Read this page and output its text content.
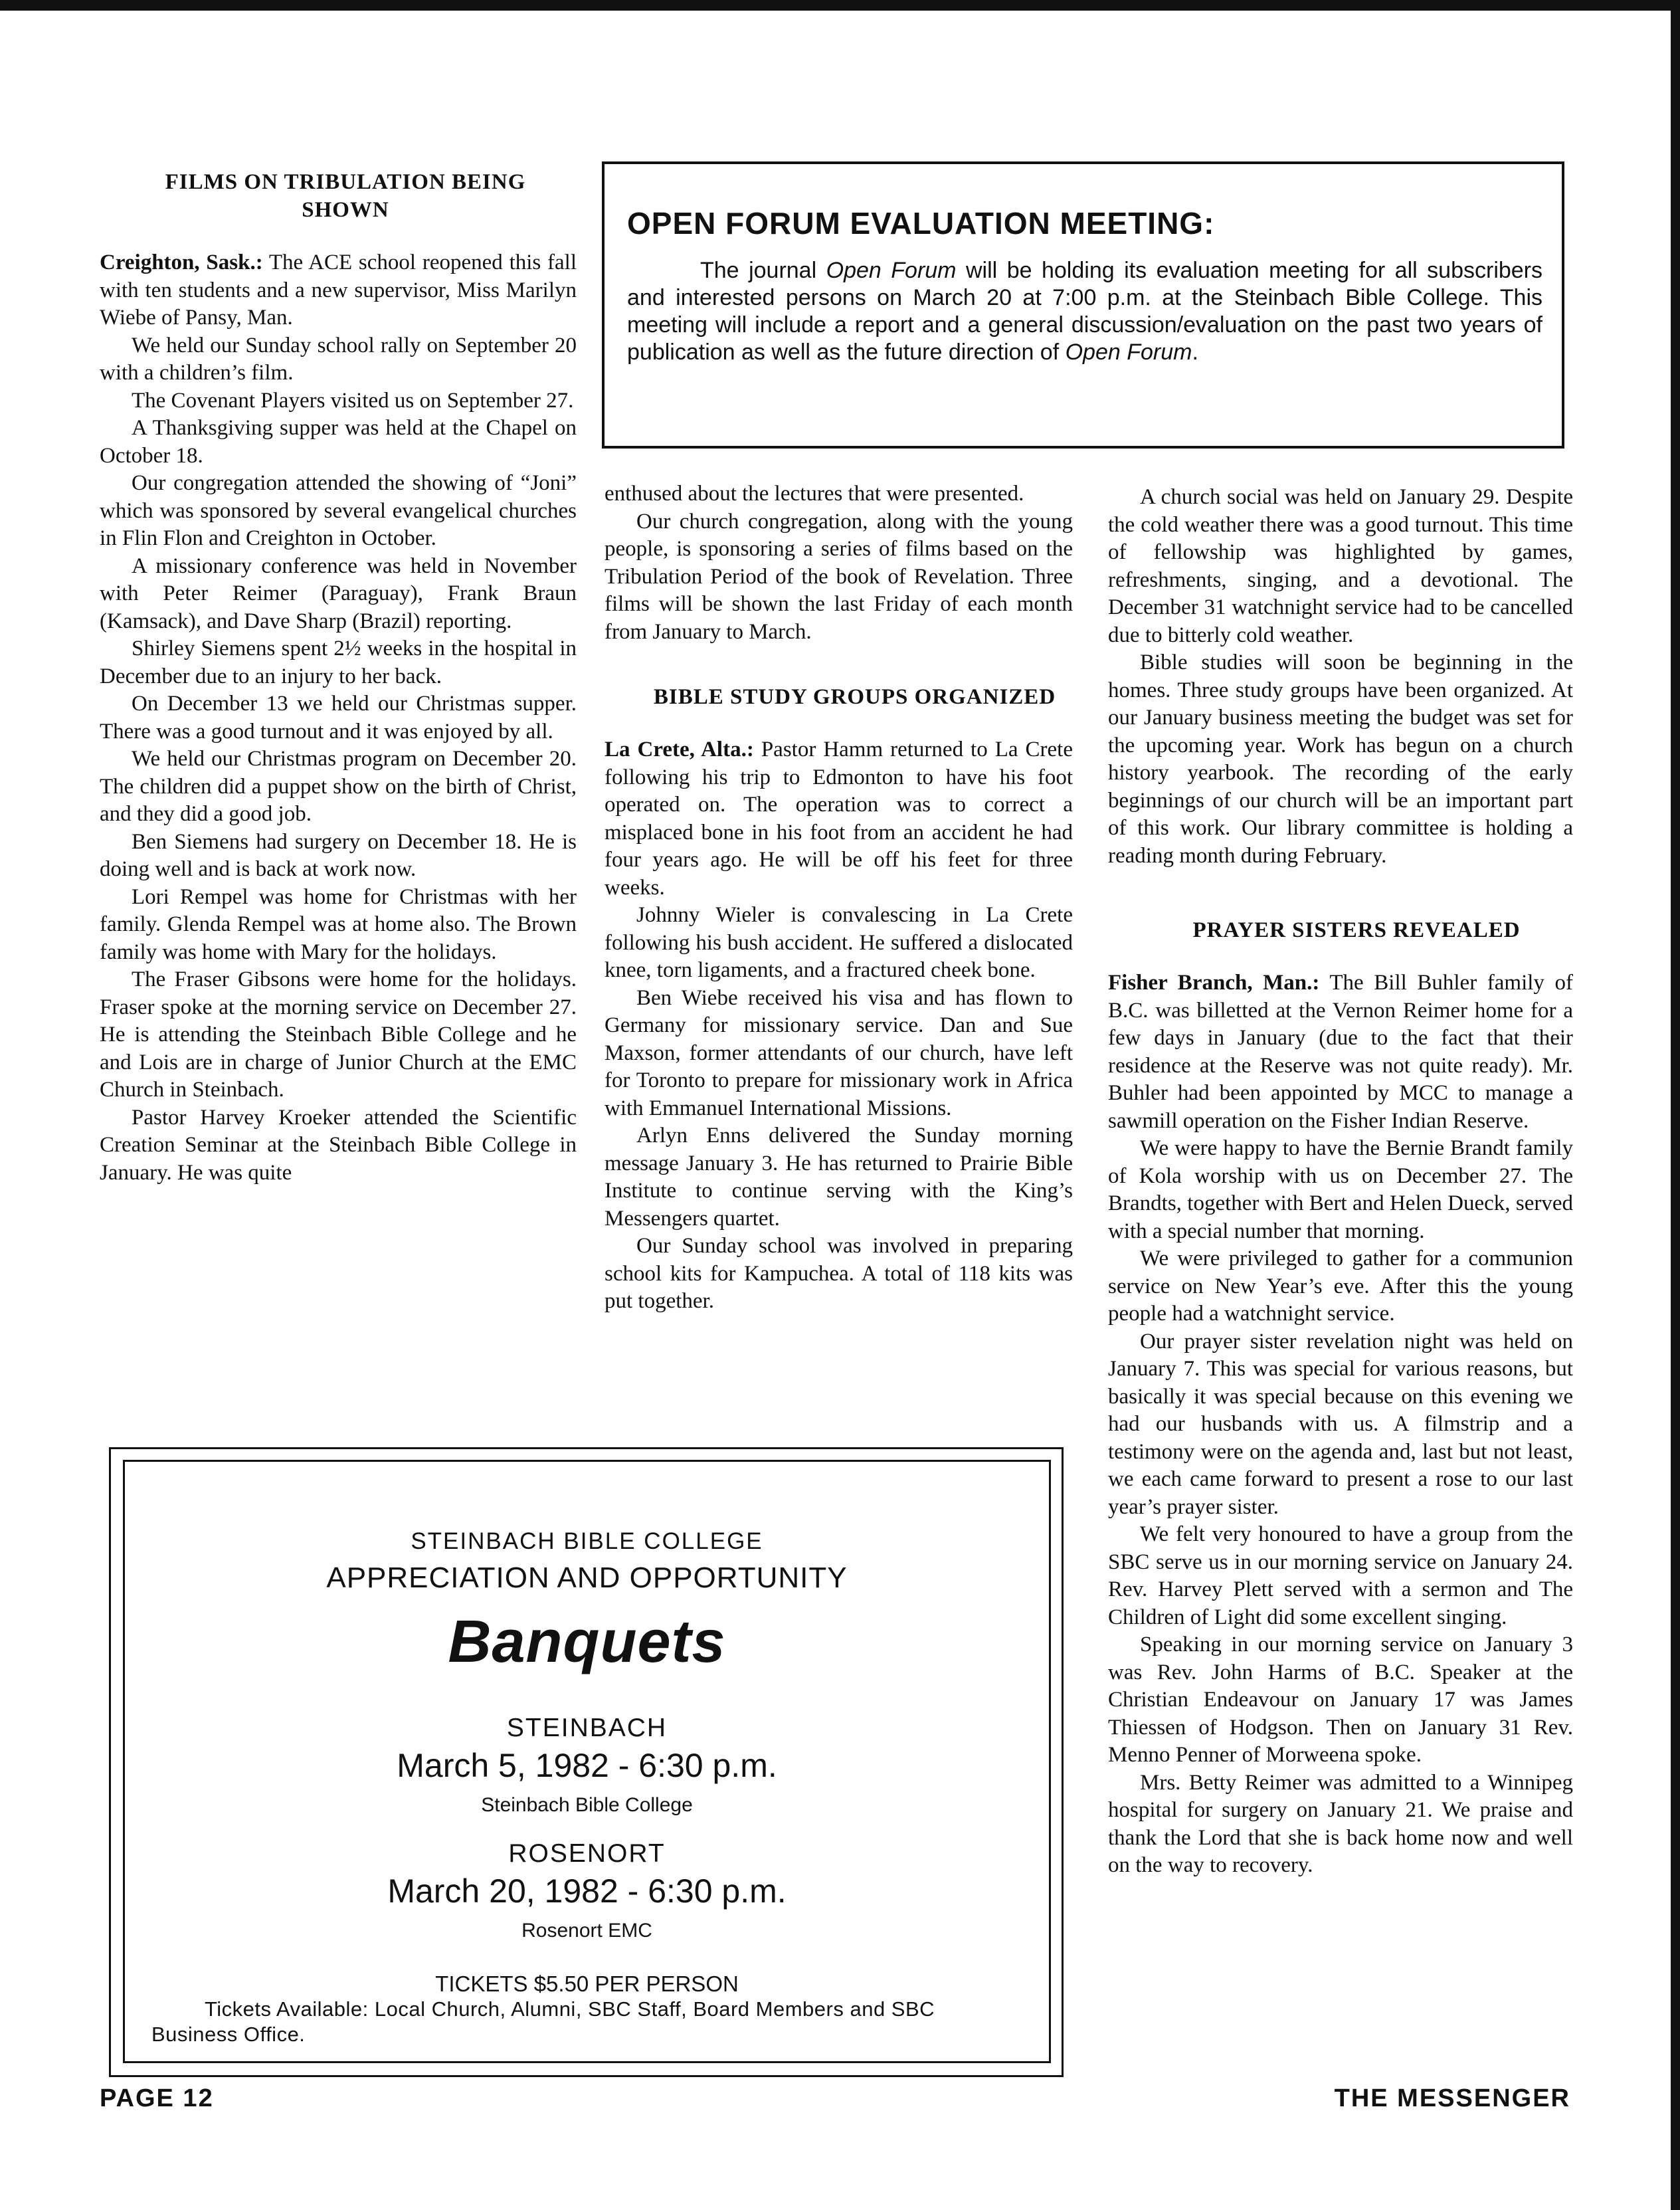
FILMS ON TRIBULATION BEING SHOWN

Creighton, Sask.: The ACE school reopened this fall with ten students and a new supervisor, Miss Marilyn Wiebe of Pansy, Man.

We held our Sunday school rally on September 20 with a children’s film.

The Covenant Players visited us on September 27.

A Thanksgiving supper was held at the Chapel on October 18.

Our congregation attended the showing of “Joni” which was sponsored by several evangelical churches in Flin Flon and Creighton in October.

A missionary conference was held in November with Peter Reimer (Paraguay), Frank Braun (Kamsack), and Dave Sharp (Brazil) reporting.

Shirley Siemens spent 2½ weeks in the hospital in December due to an injury to her back.

On December 13 we held our Christmas supper. There was a good turnout and it was enjoyed by all.

We held our Christmas program on December 20. The children did a puppet show on the birth of Christ, and they did a good job.

Ben Siemens had surgery on December 18. He is doing well and is back at work now.

Lori Rempel was home for Christmas with her family. Glenda Rempel was at home also. The Brown family was home with Mary for the holidays.

The Fraser Gibsons were home for the holidays. Fraser spoke at the morning service on December 27. He is attending the Steinbach Bible College and he and Lois are in charge of Junior Church at the EMC Church in Steinbach.

Pastor Harvey Kroeker attended the Scientific Creation Seminar at the Steinbach Bible College in January. He was quite

OPEN FORUM EVALUATION MEETING:
The journal Open Forum will be holding its evaluation meeting for all subscribers and interested persons on March 20 at 7:00 p.m. at the Steinbach Bible College. This meeting will include a report and a general discussion/evaluation on the past two years of publication as well as the future direction of Open Forum.

enthused about the lectures that were presented.

Our church congregation, along with the young people, is sponsoring a series of films based on the Tribulation Period of the book of Revelation. Three films will be shown the last Friday of each month from January to March.

BIBLE STUDY GROUPS ORGANIZED

La Crete, Alta.: Pastor Hamm returned to La Crete following his trip to Edmonton to have his foot operated on. The operation was to correct a misplaced bone in his foot from an accident he had four years ago. He will be off his feet for three weeks.

Johnny Wieler is convalescing in La Crete following his bush accident. He suffered a dislocated knee, torn ligaments, and a fractured cheek bone.

Ben Wiebe received his visa and has flown to Germany for missionary service. Dan and Sue Maxson, former attendants of our church, have left for Toronto to prepare for missionary work in Africa with Emmanuel International Missions.

Arlyn Enns delivered the Sunday morning message January 3. He has returned to Prairie Bible Institute to continue serving with the King’s Messengers quartet.

Our Sunday school was involved in preparing school kits for Kampuchea. A total of 118 kits was put together.

A church social was held on January 29. Despite the cold weather there was a good turnout. This time of fellowship was highlighted by games, refreshments, singing, and a devotional. The December 31 watchnight service had to be cancelled due to bitterly cold weather.

Bible studies will soon be beginning in the homes. Three study groups have been organized. At our January business meeting the budget was set for the upcoming year. Work has begun on a church history yearbook. The recording of the early beginnings of our church will be an important part of this work. Our library committee is holding a reading month during February.

PRAYER SISTERS REVEALED

Fisher Branch, Man.: The Bill Buhler family of B.C. was billetted at the Vernon Reimer home for a few days in January (due to the fact that their residence at the Reserve was not quite ready). Mr. Buhler had been appointed by MCC to manage a sawmill operation on the Fisher Indian Reserve.

We were happy to have the Bernie Brandt family of Kola worship with us on December 27. The Brandts, together with Bert and Helen Dueck, served with a special number that morning.

We were privileged to gather for a communion service on New Year’s eve. After this the young people had a watchnight service.

Our prayer sister revelation night was held on January 7. This was special for various reasons, but basically it was special because on this evening we had our husbands with us. A filmstrip and a testimony were on the agenda and, last but not least, we each came forward to present a rose to our last year’s prayer sister.

We felt very honoured to have a group from the SBC serve us in our morning service on January 24. Rev. Harvey Plett served with a sermon and The Children of Light did some excellent singing.

Speaking in our morning service on January 3 was Rev. John Harms of B.C. Speaker at the Christian Endeavour on January 17 was James Thiessen of Hodgson. Then on January 31 Rev. Menno Penner of Morweena spoke.

Mrs. Betty Reimer was admitted to a Winnipeg hospital for surgery on January 21. We praise and thank the Lord that she is back home now and well on the way to recovery.

STEINBACH BIBLE COLLEGE
APPRECIATION AND OPPORTUNITY
Banquets
STEINBACH
March 5, 1982 - 6:30 p.m.
Steinbach Bible College
ROSENORT
March 20, 1982 - 6:30 p.m.
Rosenort EMC
TICKETS $5.50 PER PERSON
Tickets Available: Local Church, Alumni, SBC Staff, Board Members and SBC Business Office.
PAGE 12	THE MESSENGER
